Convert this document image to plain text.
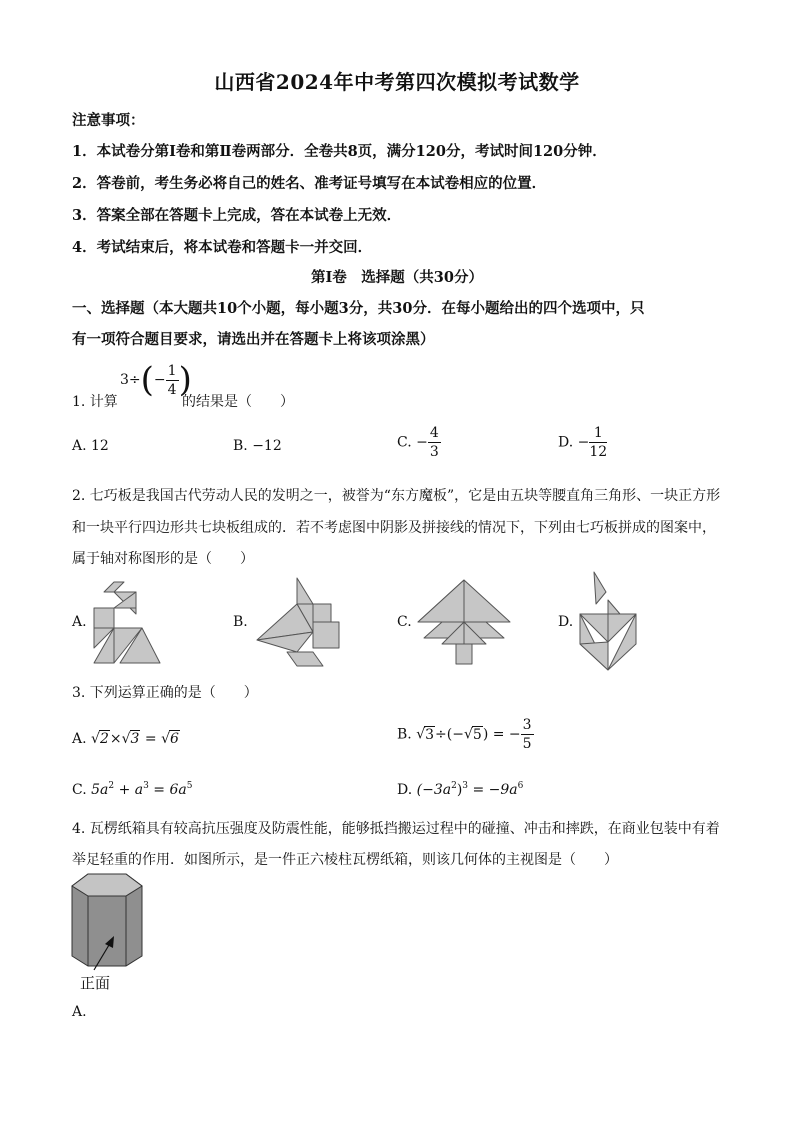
山西省2024年中考第四次模拟考试数学
注意事项：
1．本试卷分第Ⅰ卷和第Ⅱ卷两部分．全卷共8页，满分120分，考试时间120分钟．
2．答卷前，考生务必将自己的姓名、准考证号填写在本试卷相应的位置．
3．答案全部在答题卡上完成，答在本试卷上无效．
4．考试结束后，将本试卷和答题卡一并交回．
第Ⅰ卷　选择题（共30分）
一、选择题（本大题共10个小题，每小题3分，共30分．在每小题给出的四个选项中，只
有一项符合题目要求，请选出并在答题卡上将该项涂黑）
1. 计算
$3\div(- \frac{1}{4}$ )
的结果是（　　）
A. 12	B. −12	C. − $\frac{4}{3}$	D. − $\frac{1}{12}$
2. 七巧板是我国古代劳动人民的发明之一，被誉为“东方魔板”，它是由五块等腰直角三角形、一块正方形
和一块平行四边形共七块板组成的．若不考虑图中阴影及拼接线的情况下，下列由七巧板拼成的图案中，
属于轴对称图形的是（　　）
A.	B.	C.	D.
3. 下列运算正确的是（　　）
A. √2×√3 = √6	B. √3÷(−√5) = − $\frac{3}{5}$
C. $5a^2 + a^3 = 6a^5$	D. $(-3a^2)^3 = -9a^6$
4. 瓦楞纸箱具有较高抗压强度及防震性能，能够抵挡搬运过程中的碰撞、冲击和摔跌，在商业包装中有着
举足轻重的作用．如图所示，是一件正六棱柱瓦楞纸箱，则该几何体的主视图是（　　）
正面
A.
